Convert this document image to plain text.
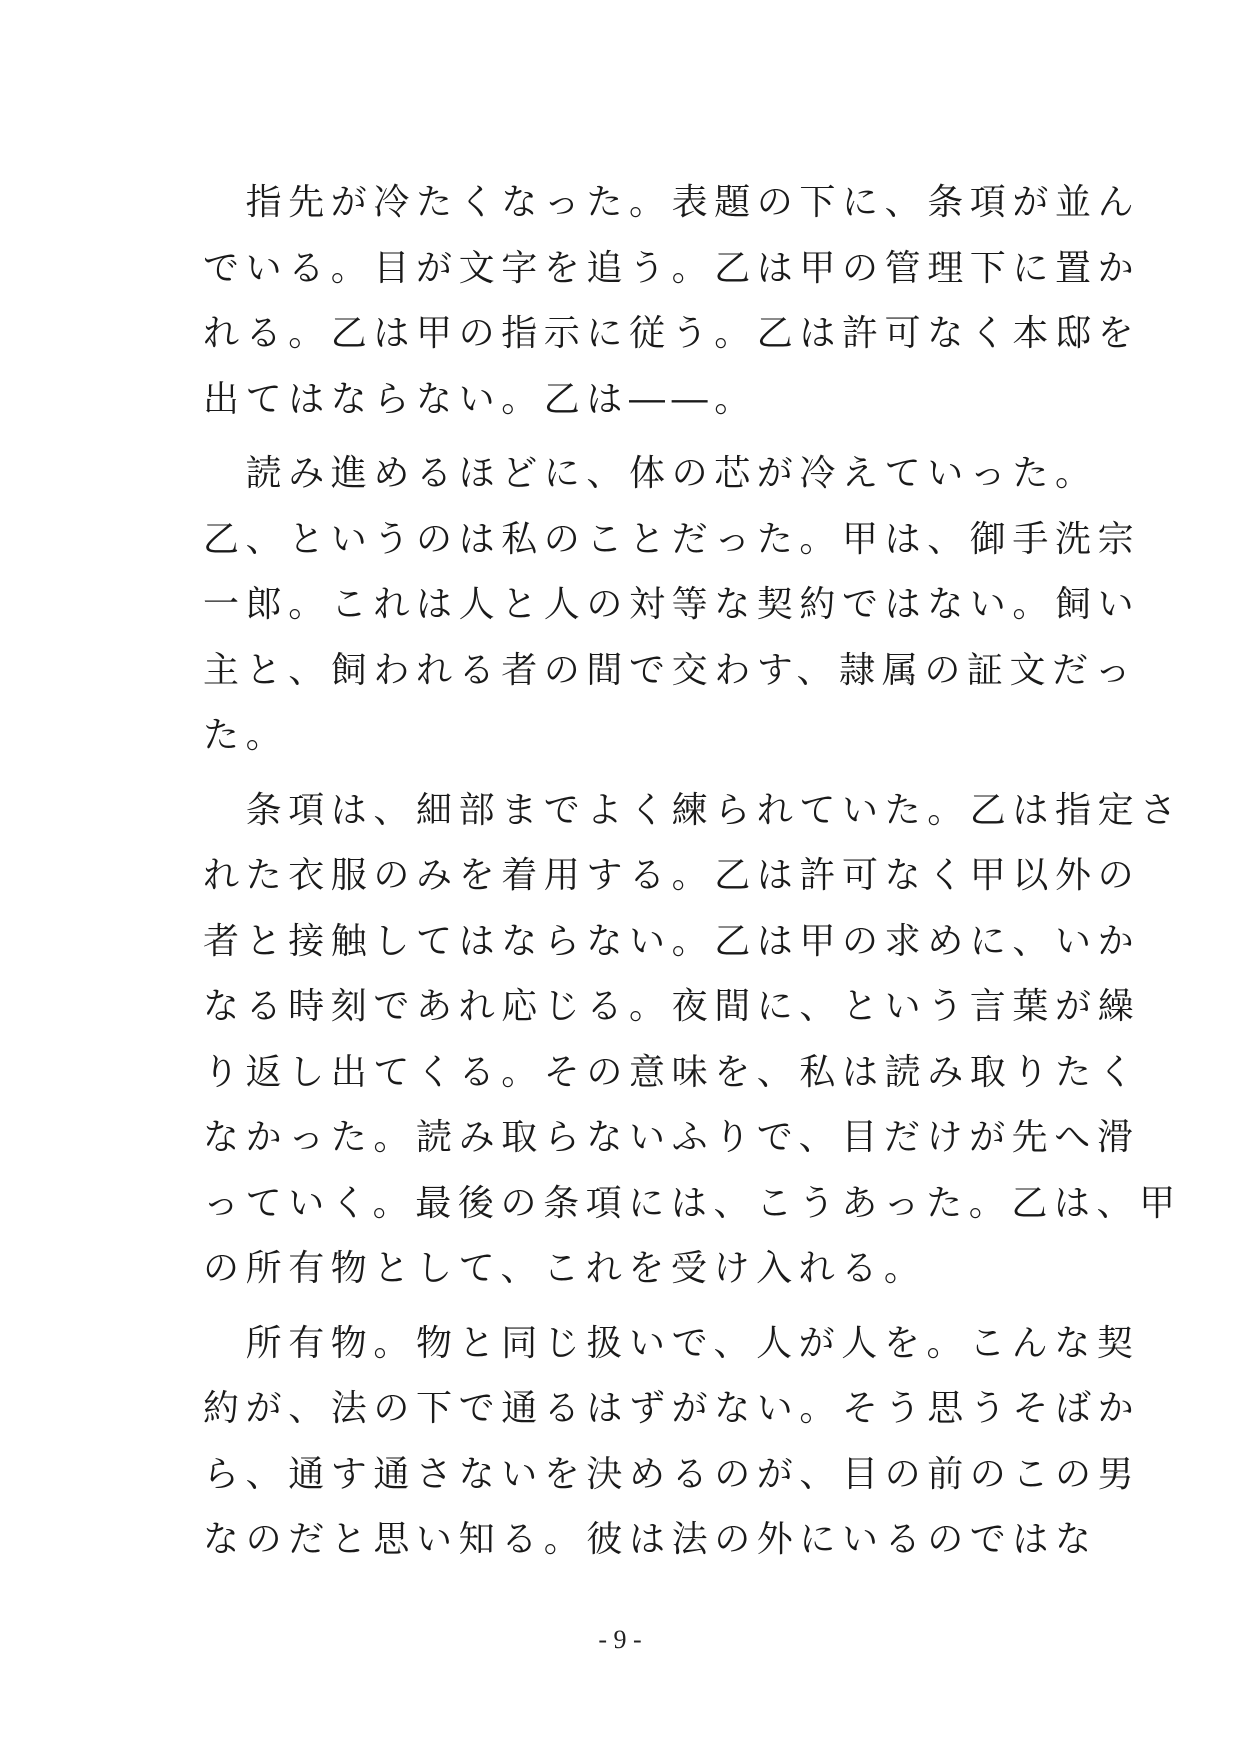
　指先が冷たくなった。表題の下に、条項が並ん
でいる。目が文字を追う。乙は甲の管理下に置か
れる。乙は甲の指示に従う。乙は許可なく本邸を
出てはならない。乙は――。
　読み進めるほどに、体の芯が冷えていった。
乙、というのは私のことだった。甲は、御手洗宗
一郎。これは人と人の対等な契約ではない。飼い
主と、飼われる者の間で交わす、隷属の証文だっ
た。
　条項は、細部までよく練られていた。乙は指定さ
れた衣服のみを着用する。乙は許可なく甲以外の
者と接触してはならない。乙は甲の求めに、いか
なる時刻であれ応じる。夜間に、という言葉が繰
り返し出てくる。その意味を、私は読み取りたく
なかった。読み取らないふりで、目だけが先へ滑
っていく。最後の条項には、こうあった。乙は、甲
の所有物として、これを受け入れる。
　所有物。物と同じ扱いで、人が人を。こんな契
約が、法の下で通るはずがない。そう思うそばか
ら、通す通さないを決めるのが、目の前のこの男
なのだと思い知る。彼は法の外にいるのではな
- 9 -
